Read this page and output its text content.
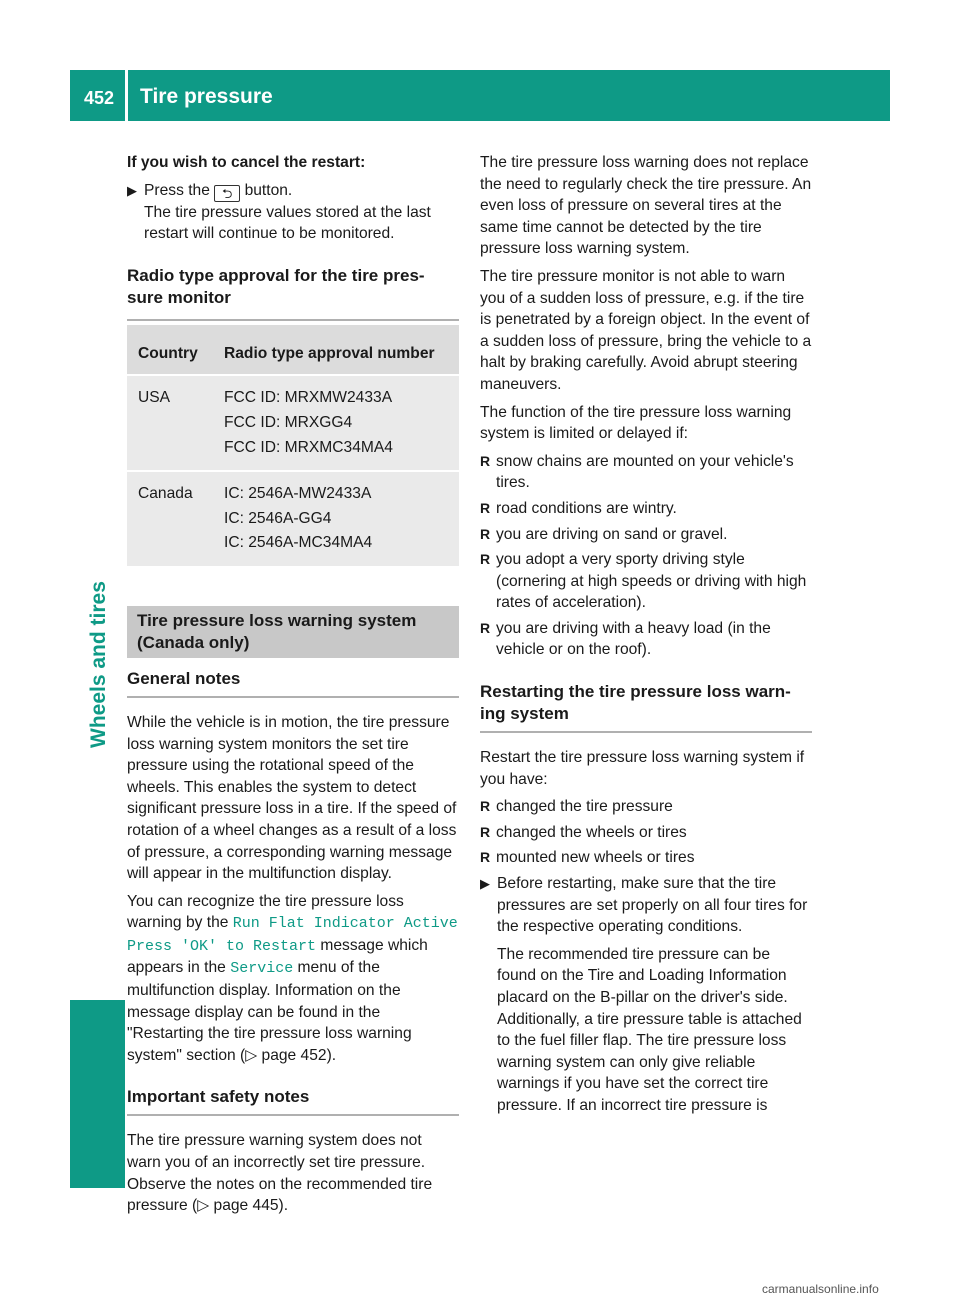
452 Tire pressure
Wheels and tires

If you wish to cancel the restart:

▶ Press the ⮌ button.
The tire pressure values stored at the last restart will continue to be monitored.
Radio type approval for the tire pres-
sure monitor
Country	Radio type approval number
USA	FCC ID: MRXMW2433A
FCC ID: MRXGG4
FCC ID: MRXMC34MA4

Canada	IC: 2546A-MW2433A
IC: 2546A-GG4
IC: 2546A-MC34MA4
Tire pressure loss warning system
(Canada only)
General notes

While the vehicle is in motion, the tire pressure loss warning system monitors the set tire pressure using the rotational speed of the wheels. This enables the system to detect significant pressure loss in a tire. If the speed of rotation of a wheel changes as a result of a loss of pressure, a corresponding warning message will appear in the multifunction display.

You can recognize the tire pressure loss warning by the Run Flat Indicator Active Press 'OK' to Restart message which appears in the Service menu of the multifunction display. Information on the message display can be found in the "Restarting the tire pressure loss warning system" section (▷ page 452).

Important safety notes

The tire pressure warning system does not warn you of an incorrectly set tire pressure. Observe the notes on the recommended tire pressure (▷ page 445).

The tire pressure loss warning does not replace the need to regularly check the tire pressure. An even loss of pressure on several tires at the same time cannot be detected by the tire pressure loss warning system.

The tire pressure monitor is not able to warn you of a sudden loss of pressure, e.g. if the tire is penetrated by a foreign object. In the event of a sudden loss of pressure, bring the vehicle to a halt by braking carefully. Avoid abrupt steering maneuvers.

The function of the tire pressure loss warning system is limited or delayed if:

R snow chains are mounted on your vehicle's tires.
R road conditions are wintry.
R you are driving on sand or gravel.
R you adopt a very sporty driving style (cornering at high speeds or driving with high rates of acceleration).
R you are driving with a heavy load (in the vehicle or on the roof).
Restarting the tire pressure loss warn-
ing system

Restart the tire pressure loss warning system if you have:

R changed the tire pressure
R changed the wheels or tires
R mounted new wheels or tires
▶ Before restarting, make sure that the tire pressures are set properly on all four tires for the respective operating conditions.

The recommended tire pressure can be found on the Tire and Loading Information placard on the B-pillar on the driver's side. Additionally, a tire pressure table is attached to the fuel filler flap. The tire pressure loss warning system can only give reliable warnings if you have set the correct tire pressure. If an incorrect tire pressure is

carmanualsonline.info
